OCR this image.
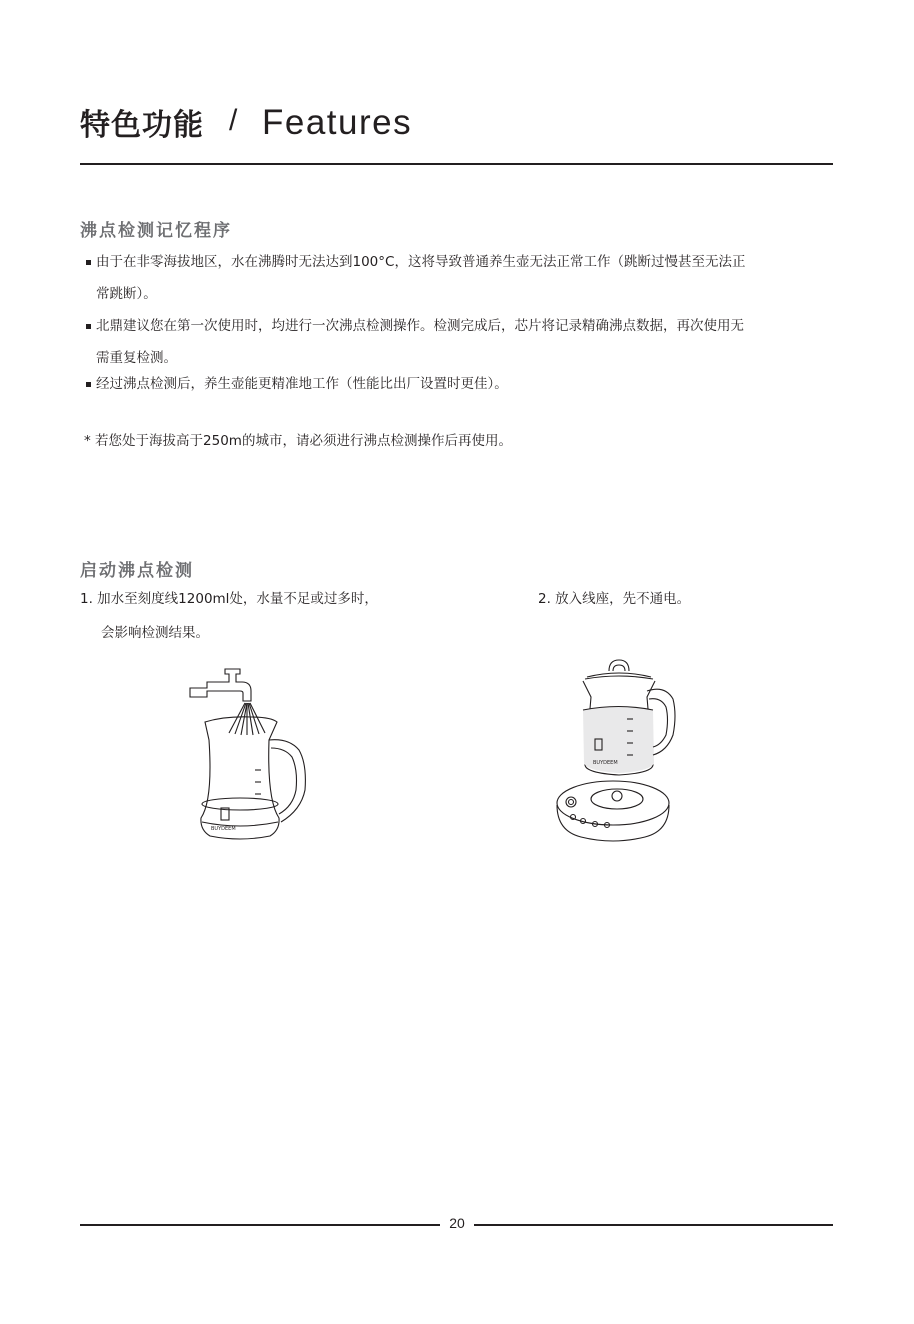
特色功能 / Features
沸点检测记忆程序
由于在非零海拔地区，水在沸腾时无法达到100°C，这将导致普通养生壶无法正常工作（跳断过慢甚至无法正
常跳断）。
北鼎建议您在第一次使用时，均进行一次沸点检测操作。检测完成后，芯片将记录精确沸点数据，再次使用无
需重复检测。
经过沸点检测后，养生壶能更精准地工作（性能比出厂设置时更佳）。
* 若您处于海拔高于250m的城市，请必须进行沸点检测操作后再使用。
启动沸点检测
1. 加水至刻度线1200ml处，水量不足或过多时，
会影响检测结果。
2. 放入线座，先不通电。
BUYDEEM
BUYDEEM
20
